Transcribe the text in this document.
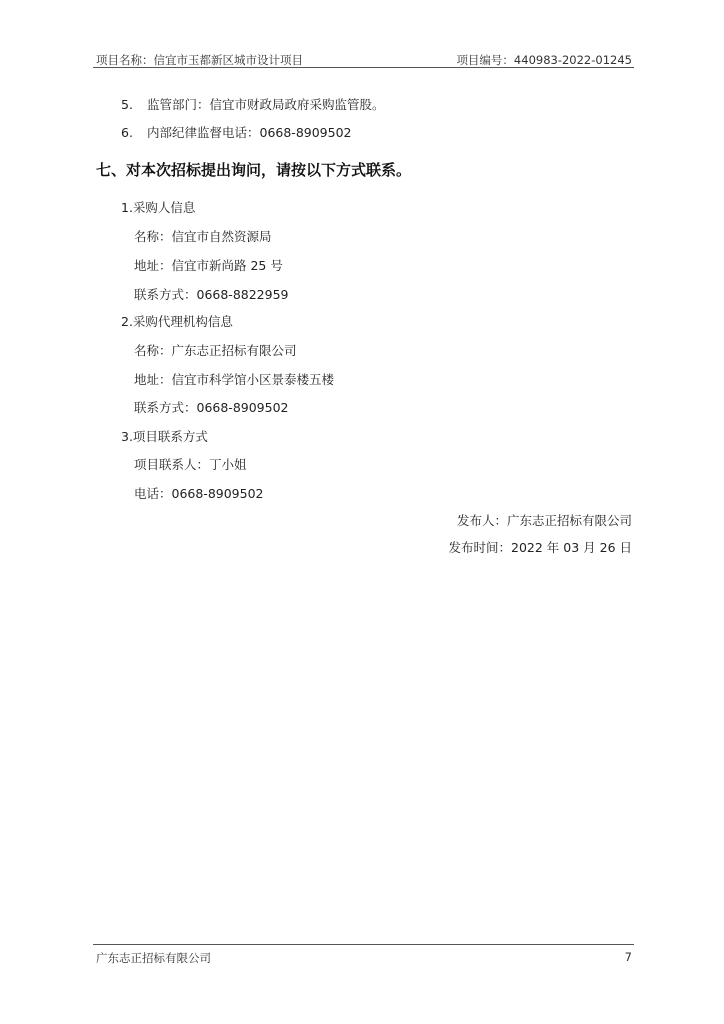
项目名称：信宜市玉都新区城市设计项目	项目编号：440983-2022-01245
5. 监管部门：信宜市财政局政府采购监管股。
6. 内部纪律监督电话：0668-8909502
七、对本次招标提出询问，请按以下方式联系。
1.采购人信息
名称：信宜市自然资源局
地址：信宜市新尚路 25 号
联系方式：0668-8822959
2.采购代理机构信息
名称：广东志正招标有限公司
地址：信宜市科学馆小区景泰楼五楼
联系方式：0668-8909502
3.项目联系方式
项目联系人：丁小姐
电话：0668-8909502
发布人：广东志正招标有限公司
发布时间：2022 年 03 月 26 日
广东志正招标有限公司	7
